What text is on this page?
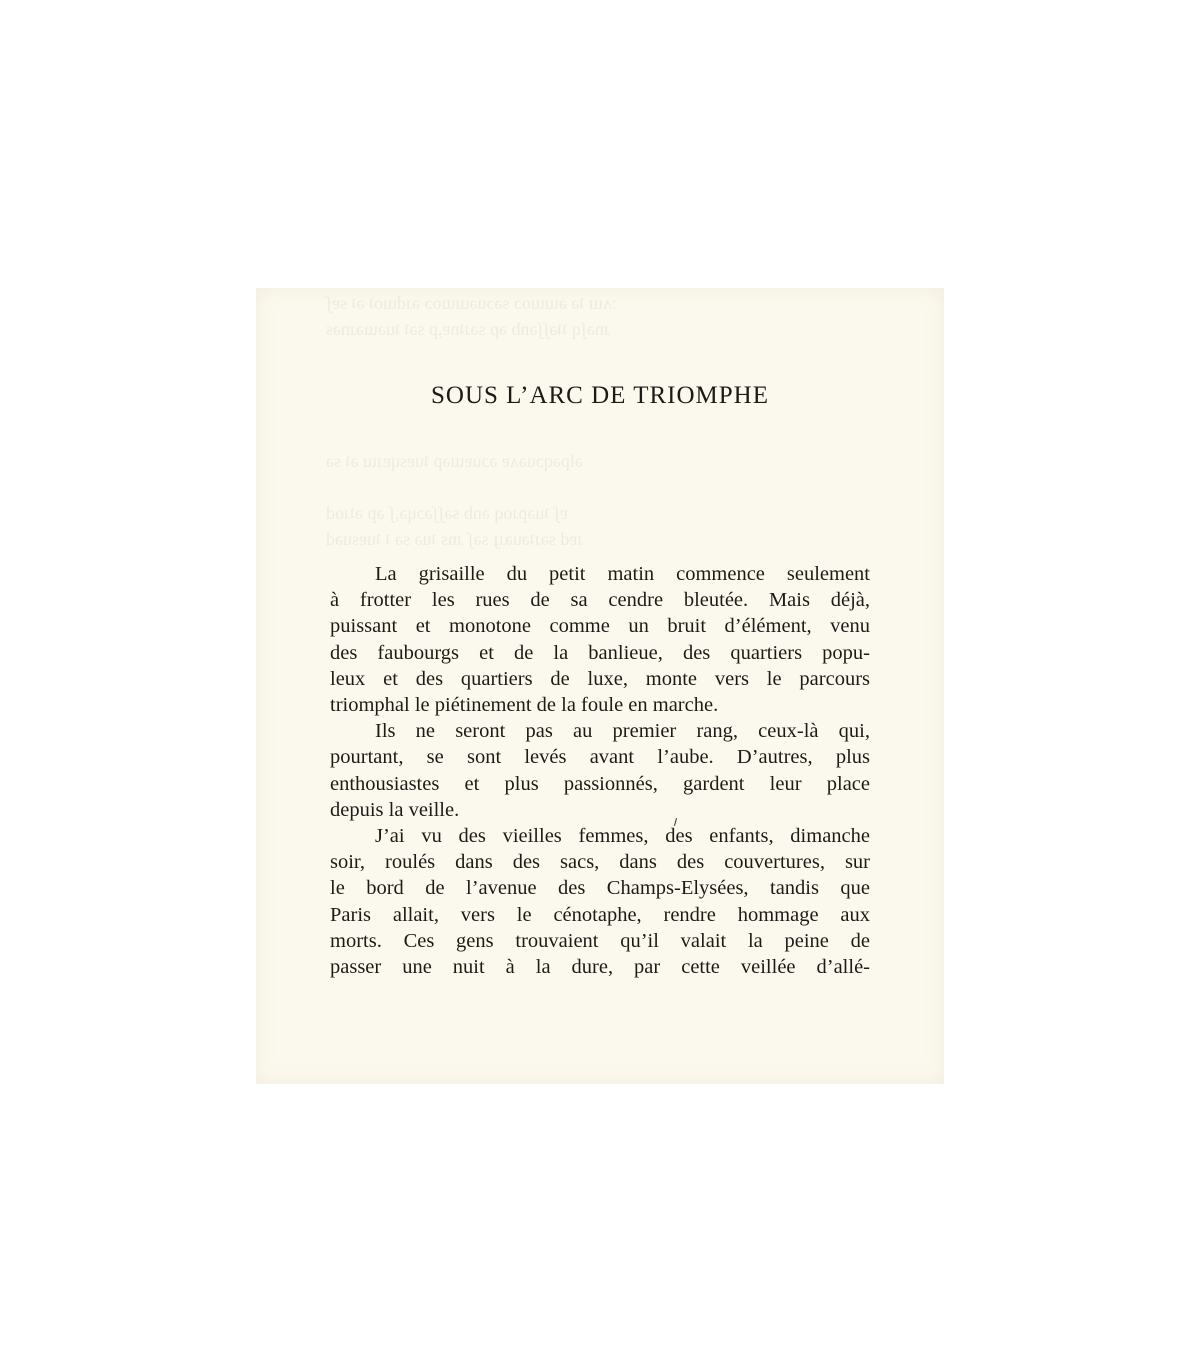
ːʌɯ ʇǝ ǝɯɯoɔ sǝɔuǝɯɯoɔ ǝɹdɯoʇ ǝʇ sɐʃ
ɹnǝʃq ʇʇǝʃʃǝnb ǝp sǝɹʇnɐ,p sǝʇ ʇuǝɯǝɹnǝs
ǝlpǝqɔuǝʌɐ ǝɔuɐɯǝp ʇuɐsɥɐɹɯ ǝʇ sǝ
ɐʃ ʇuǝpɹoq ǝnb sǝʃʃǝɔɥǝ,ʃ ǝp ǝʇɹod
ɹɐd sǝɹʇǝuǝɹɟ sǝʃ ɹns ʇuǝ sǝ ʇ ʇuɐsuǝd
SOUS L’ARC DE TRIOMPHE

La grisaille du petit matin commence seulement
à frotter les rues de sa cendre bleutée. Mais déjà,
puissant et monotone comme un bruit d’élément, venu
des faubourgs et de la banlieue, des quartiers popu-
leux et des quartiers de luxe, monte vers le parcours
triomphal le piétinement de la foule en marche.

Ils ne seront pas au premier rang, ceux-là qui,
pourtant, se sont levés avant l’aube. D’autres, plus
enthousiastes et plus passionnés, gardent leur place
depuis la veille.

J’ai vu des vieilles femmes, des enfants, dimanche
soir, roulés dans des sacs, dans des couvertures, sur
le bord de l’avenue des Champs-Elysées, tandis que
Paris allait, vers le cénotaphe, rendre hommage aux
morts. Ces gens trouvaient qu’il valait la peine de
passer une nuit à la dure, par cette veillée d’allé-
